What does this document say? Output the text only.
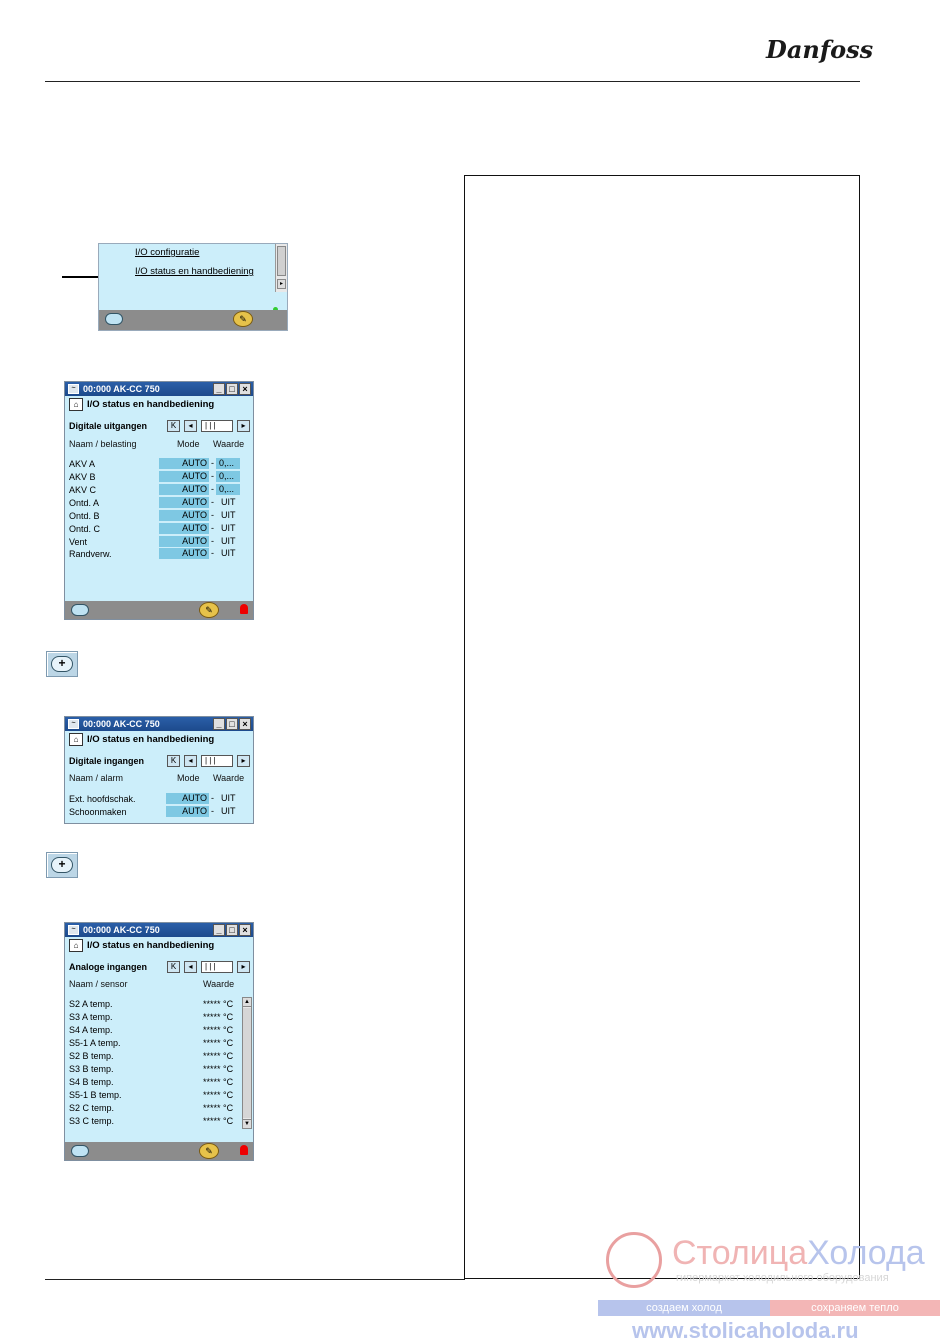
Danfoss
I/O configuratie
I/O status en handbediening
▸
✎
~ 00:000 AK-CC 750	_ □ ×
⌂ I/O status en handbediening
Digitale uitgangen	K	◂	| | |	▸
Naam / belasting	Mode Waarde
AKV A	AUTO - 0,...
AKV B	AUTO - 0,...
AKV C	AUTO - 0,...
Ontd. A	AUTO - UIT
Ontd. B	AUTO - UIT
Ontd. C	AUTO - UIT
Vent	AUTO - UIT
Randverw.	AUTO - UIT
✎
+
~ 00:000 AK-CC 750	_ □ ×
⌂ I/O status en handbediening
Digitale ingangen	K	◂	| | |	▸
Naam / alarm	Mode Waarde
Ext. hoofdschak.	AUTO - UIT
Schoonmaken	AUTO - UIT
+
~ 00:000 AK-CC 750	_ □ ×
⌂ I/O status en handbediening
Analoge ingangen	K	◂	| | |	▸
Naam / sensor	Waarde
S2 A temp.	***** °C
S3 A temp.	***** °C
S4 A temp.	***** °C
S5-1 A temp.	***** °C
S2 B temp.	***** °C
S3 B temp.	***** °C
S4 B temp.	***** °C
S5-1 B temp.	***** °C
S2 C temp.	***** °C
S3 C temp.	***** °C
▲
▼
✎
СтолицаХолода
гипермаркет холодильного оборудования
создаем холод	сохраняем тепло
www.stolicaholoda.ru
